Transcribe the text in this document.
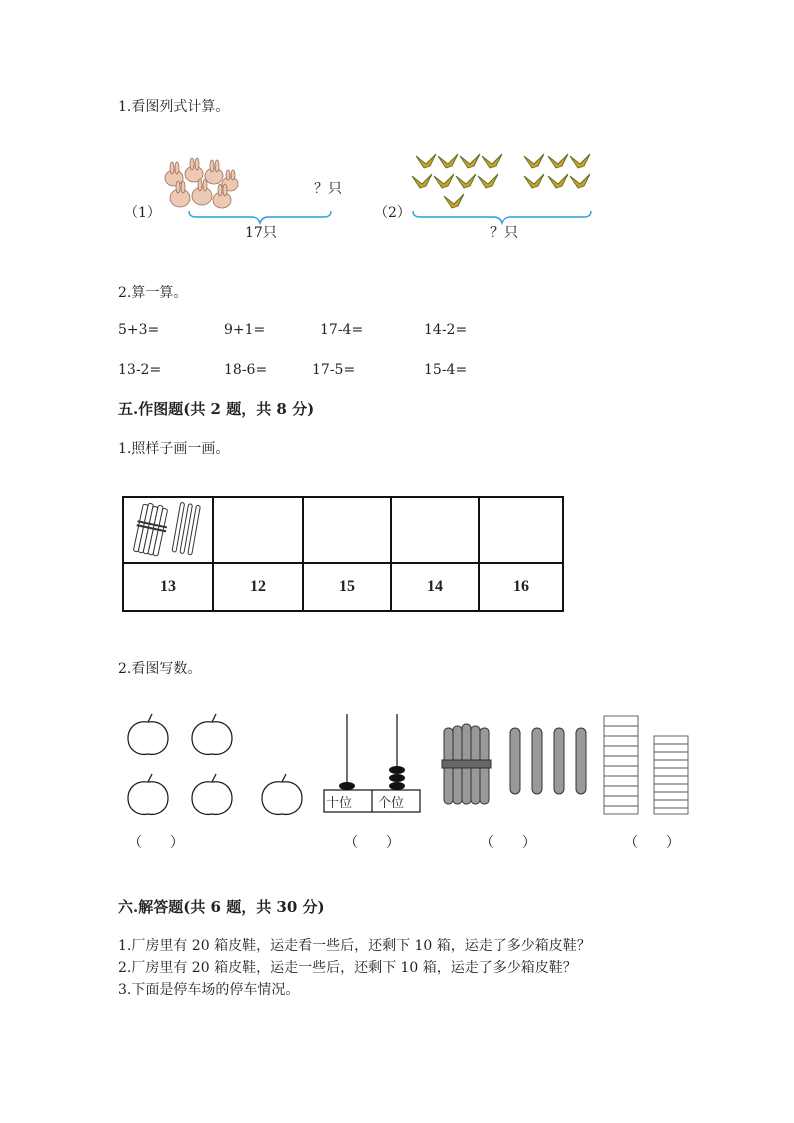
1.看图列式计算。
？只
（1）
17只
（2）
？只
2.算一算。
5+3=	9+1=	17-4=	14-2=
13-2=	18-6=	17-5=	15-4=
五.作图题(共 2 题，共 8 分)
1.照样子画一画。

13	12	15	14	16
2.看图写数。
十位 个位
（　　）	（　　）	（　　）	（　　）
六.解答题(共 6 题，共 30 分)
1.厂房里有 20 箱皮鞋，运走看一些后，还剩下 10 箱，运走了多少箱皮鞋？
2.厂房里有 20 箱皮鞋，运走一些后，还剩下 10 箱，运走了多少箱皮鞋？
3.下面是停车场的停车情况。
